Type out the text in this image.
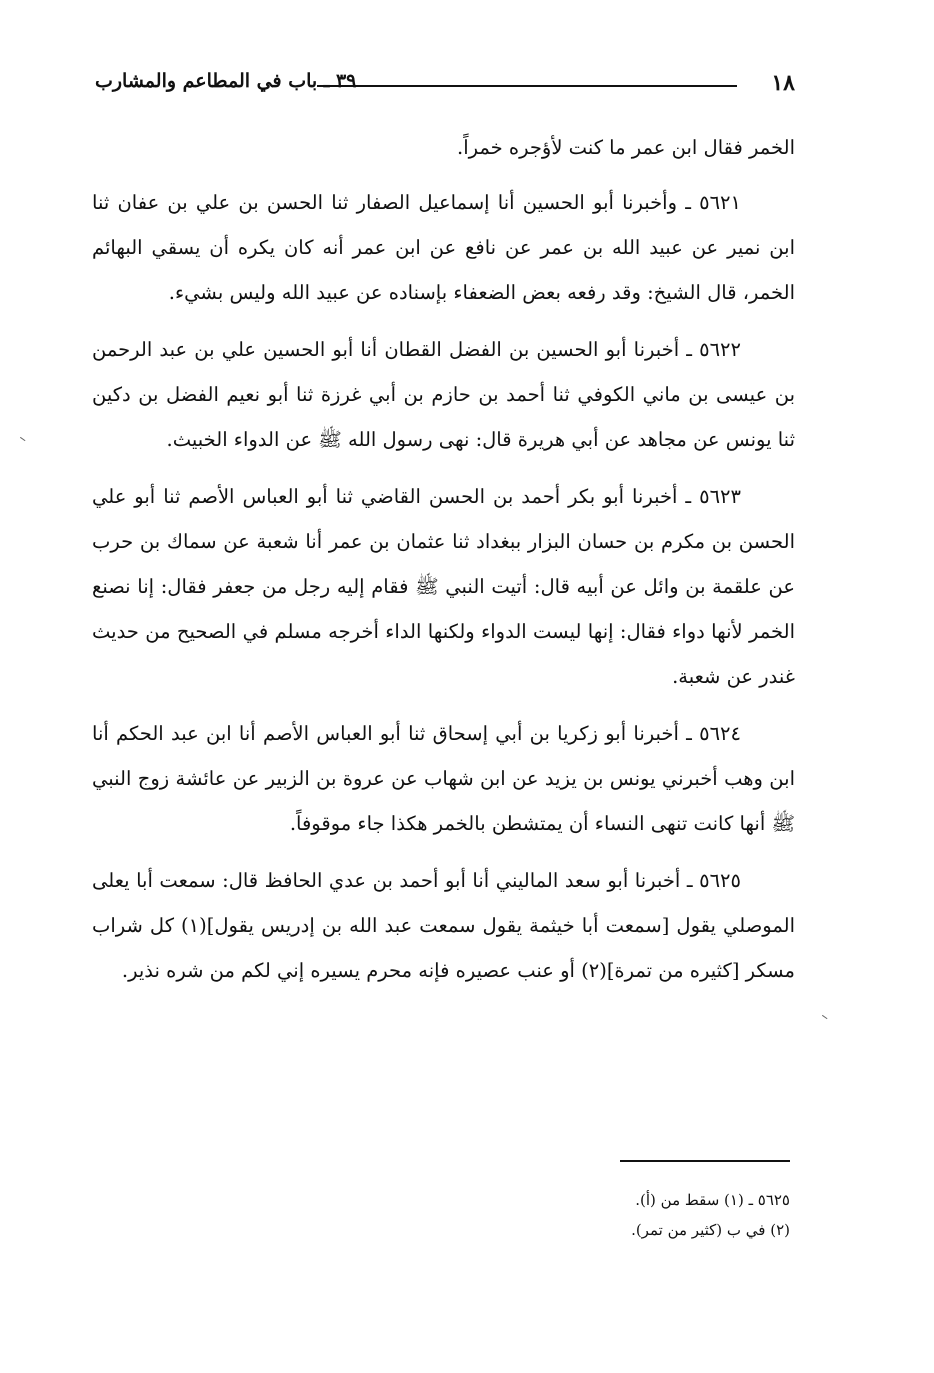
١٨
٣٩ ـ باب في المطاعم والمشارب

الخمر فقال ابن عمر ما كنت لأؤجره خمراً.

٥٦٢١ ـ وأخبرنا أبو الحسين أنا إسماعيل الصفار ثنا الحسن بن علي بن عفان ثنا ابن نمير عن عبيد الله بن عمر عن نافع عن ابن عمر أنه كان يكره أن يسقي البهائم الخمر، قال الشيخ: وقد رفعه بعض الضعفاء بإسناده عن عبيد الله وليس بشيء.

٥٦٢٢ ـ أخبرنا أبو الحسين بن الفضل القطان أنا أبو الحسين علي بن عبد الرحمن بن عيسى بن ماني الكوفي ثنا أحمد بن حازم بن أبي غرزة ثنا أبو نعيم الفضل بن دكين ثنا يونس عن مجاهد عن أبي هريرة قال: نهى رسول الله ﷺ عن الدواء الخبيث.

٥٦٢٣ ـ أخبرنا أبو بكر أحمد بن الحسن القاضي ثنا أبو العباس الأصم ثنا أبو علي الحسن بن مكرم بن حسان البزار ببغداد ثنا عثمان بن عمر أنا شعبة عن سماك بن حرب عن علقمة بن وائل عن أبيه قال: أتيت النبي ﷺ فقام إليه رجل من جعفر فقال: إنا نصنع الخمر لأنها دواء فقال: إنها ليست الدواء ولكنها الداء أخرجه مسلم في الصحيح من حديث غندر عن شعبة.

٥٦٢٤ ـ أخبرنا أبو زكريا بن أبي إسحاق ثنا أبو العباس الأصم أنا ابن عبد الحكم أنا ابن وهب أخبرني يونس بن يزيد عن ابن شهاب عن عروة بن الزبير عن عائشة زوج النبي ﷺ أنها كانت تنهى النساء أن يمتشطن بالخمر هكذا جاء موقوفاً.

٥٦٢٥ ـ أخبرنا أبو سعد الماليني أنا أبو أحمد بن عدي الحافظ قال: سمعت أبا يعلى الموصلي يقول [سمعت أبا خيثمة يقول سمعت عبد الله بن إدريس يقول](١) كل شراب مسكر [كثيره من تمرة](٢) أو عنب عصيره فإنه محرم يسيره إني لكم من شره نذير.

٥٦٢٥ ـ (١) سقط من (أ).
(٢) في ب (كثير من تمر).
